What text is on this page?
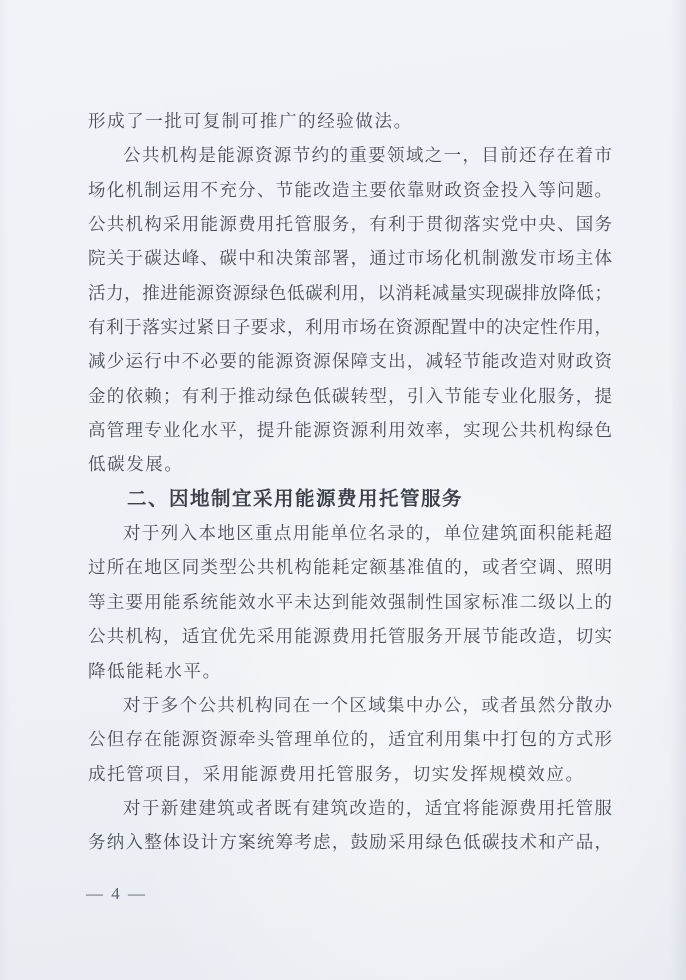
形成了一批可复制可推广的经验做法。
公共机构是能源资源节约的重要领域之一，目前还存在着市
场化机制运用不充分、节能改造主要依靠财政资金投入等问题。
公共机构采用能源费用托管服务，有利于贯彻落实党中央、国务
院关于碳达峰、碳中和决策部署，通过市场化机制激发市场主体
活力，推进能源资源绿色低碳利用，以消耗减量实现碳排放降低；
有利于落实过紧日子要求，利用市场在资源配置中的决定性作用，
减少运行中不必要的能源资源保障支出，减轻节能改造对财政资
金的依赖；有利于推动绿色低碳转型，引入节能专业化服务，提
高管理专业化水平，提升能源资源利用效率，实现公共机构绿色
低碳发展。
二、因地制宜采用能源费用托管服务
对于列入本地区重点用能单位名录的，单位建筑面积能耗超
过所在地区同类型公共机构能耗定额基准值的，或者空调、照明
等主要用能系统能效水平未达到能效强制性国家标准二级以上的
公共机构，适宜优先采用能源费用托管服务开展节能改造，切实
降低能耗水平。
对于多个公共机构同在一个区域集中办公，或者虽然分散办
公但存在能源资源牵头管理单位的，适宜利用集中打包的方式形
成托管项目，采用能源费用托管服务，切实发挥规模效应。
对于新建建筑或者既有建筑改造的，适宜将能源费用托管服
务纳入整体设计方案统筹考虑，鼓励采用绿色低碳技术和产品，
— 4 —
